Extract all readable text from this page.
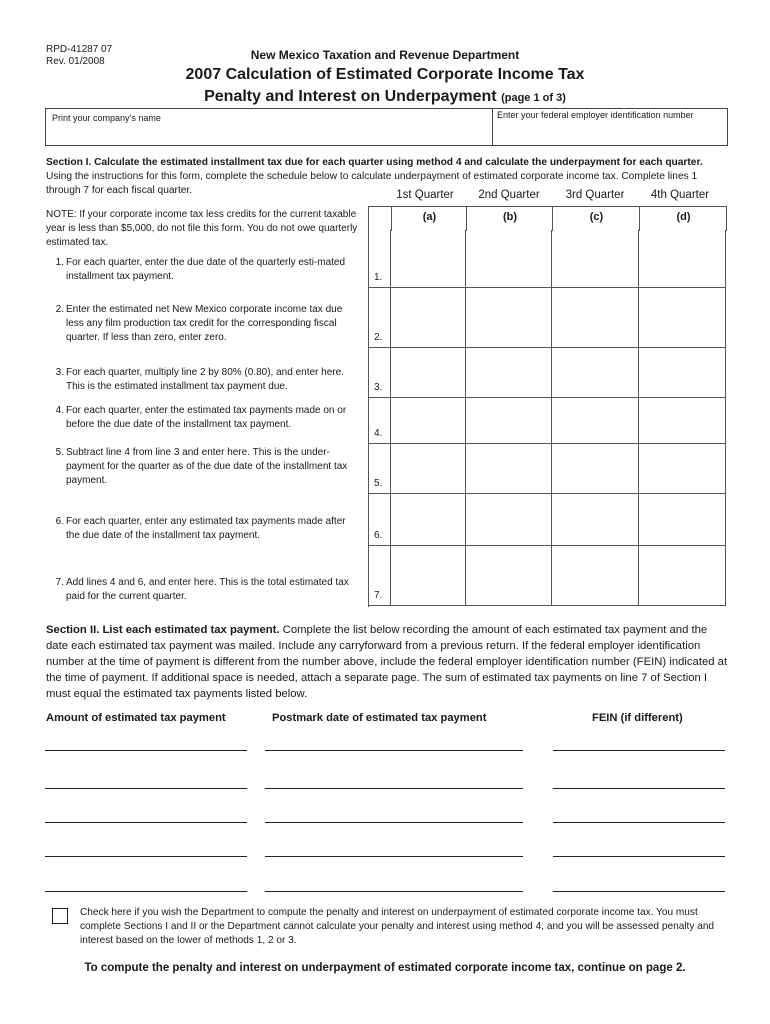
RPD-41287 07
Rev. 01/2008	New Mexico Taxation and Revenue Department
2007 Calculation of Estimated Corporate Income Tax
Penalty and Interest on Underpayment (page 1 of 3)
Print your company’s name	Enter your federal employer identification number
Section I. Calculate the estimated installment tax due for each quarter using method 4 and calculate the underpayment for each quarter. Using the instructions for this form, complete the schedule below to calculate underpayment of estimated corporate income tax. Complete lines 1 through 7 for each fiscal quarter.	1st Quarter	2nd Quarter	3rd Quarter	4th Quarter
NOTE: If your corporate income tax less credits for the current taxable year is less than $5,000, do not file this form. You do not owe quarterly estimated tax.
1. For each quarter, enter the due date of the quarterly esti-mated installment tax payment.
2. Enter the estimated net New Mexico corporate income tax due less any film production tax credit for the corresponding fiscal quarter. If less than zero, enter zero.
3. For each quarter, multiply line 2 by 80% (0.80), and enter here. This is the estimated installment tax payment due.
4. For each quarter, enter the estimated tax payments made on or before the due date of the installment tax payment.
5. Subtract line 4 from line 3 and enter here. This is the under-payment for the quarter as of the due date of the installment tax payment.
6. For each quarter, enter any estimated tax payments made after the due date of the installment tax payment.
7. Add lines 4 and 6, and enter here. This is the total estimated tax paid for the current quarter.
(a)	(b)	(c)	(d)
1.
2.
3.
4.
5.
6.
7.
Section II. List each estimated tax payment. Complete the list below recording the amount of each estimated tax payment and the date each estimated tax payment was mailed. Include any carryforward from a previous return. If the federal employer identification number at the time of payment is different from the number above, include the federal employer identification number (FEIN) indicated at the time of payment. If additional space is needed, attach a separate page. The sum of estimated tax payments on line 7 of Section I must equal the estimated tax payments listed below.
Amount of estimated tax payment	Postmark date of estimated tax payment	FEIN (if different)
Check here if you wish the Department to compute the penalty and interest on underpayment of estimated corporate income tax. You must complete Sections I and II or the Department cannot calculate your penalty and interest using method 4, and you will be assessed penalty and interest based on the lower of methods 1, 2 or 3.
To compute the penalty and interest on underpayment of estimated corporate income tax, continue on page 2.
